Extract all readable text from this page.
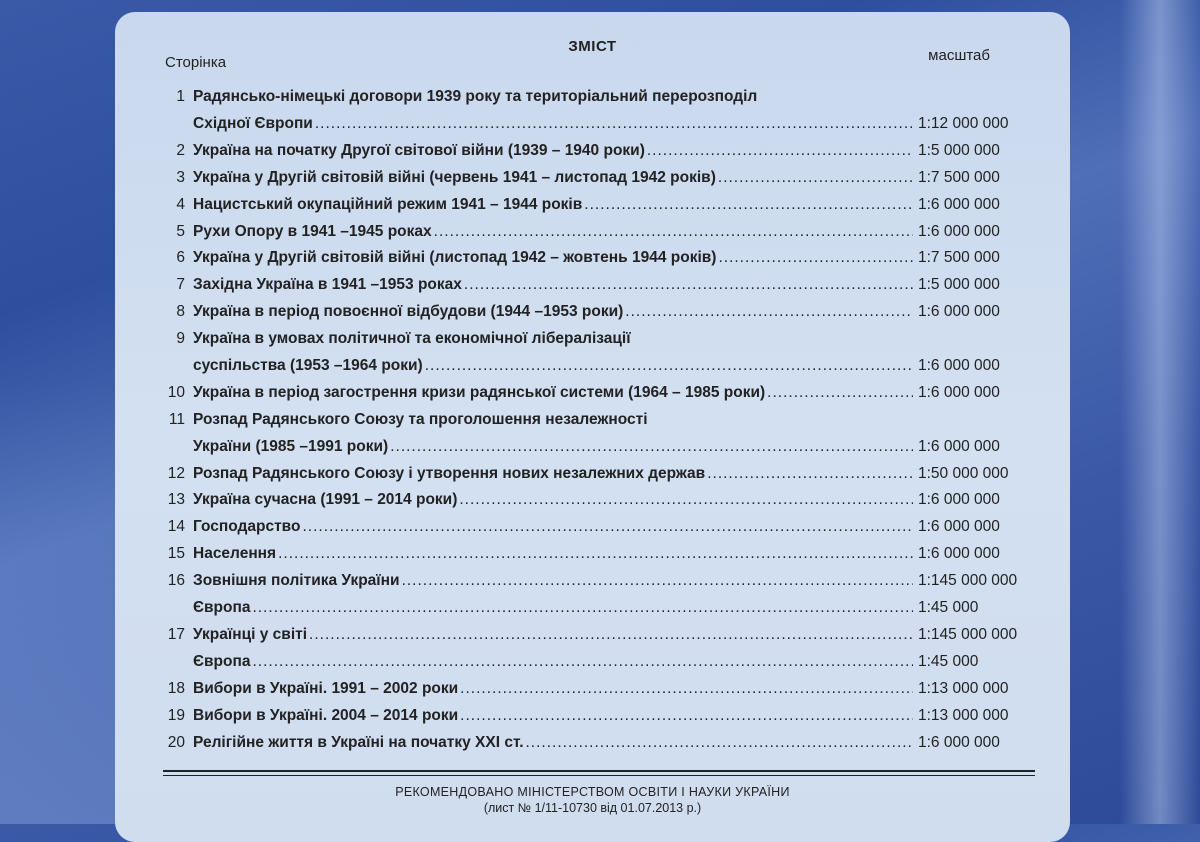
ЗМІСТ
Сторінка	масштаб
1 Радянсько-німецькі договори 1939 року та територіальний перерозподіл
Східної Європи .....	1:12 000 000
2 Україна на початку Другої світової війни (1939 – 1940 роки) .....	1:5 000 000
3 Україна у Другій світовій війні (червень 1941 – листопад 1942 років) .....	1:7 500 000
4 Нацистський окупаційний режим 1941 – 1944 років .....	1:6 000 000
5 Рухи Опору в 1941 –1945 роках .....	1:6 000 000
6 Україна у Другій світовій війні (листопад 1942 – жовтень 1944 років) .....	1:7 500 000
7 Західна Україна в 1941 –1953 роках .....	1:5 000 000
8 Україна в період повоєнної відбудови (1944 –1953 роки) .....	1:6 000 000
9 Україна в умовах політичної та економічної лібералізації
суспільства (1953 –1964 роки) .....	1:6 000 000
10 Україна в період загострення кризи радянської системи (1964 – 1985 роки) .....	1:6 000 000
11 Розпад Радянського Союзу та проголошення незалежності
України (1985 –1991 роки) .....	1:6 000 000
12 Розпад Радянського Союзу і утворення нових незалежних держав .....	1:50 000 000
13 Україна сучасна (1991 – 2014 роки) .....	1:6 000 000
14 Господарство .....	1:6 000 000
15 Населення .....	1:6 000 000
16 Зовнішня політика України .....	1:145 000 000
Європа .....	1:45 000
17 Українці у світі .....	1:145 000 000
Європа .....	1:45 000
18 Вибори в Україні. 1991 – 2002 роки .....	1:13 000 000
19 Вибори в Україні. 2004 – 2014 роки .....	1:13 000 000
20 Релігійне життя в Україні на початку XXI ст. .....	1:6 000 000
РЕКОМЕНДОВАНО МІНІСТЕРСТВОМ ОСВІТИ І НАУКИ УКРАЇНИ
(лист № 1/11-10730 від 01.07.2013 р.)
